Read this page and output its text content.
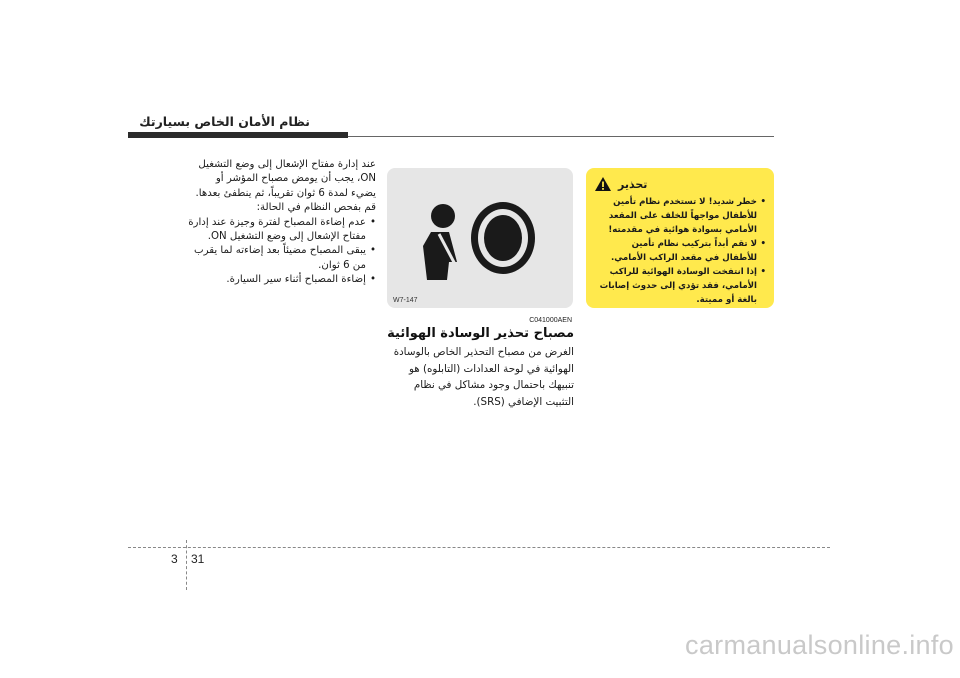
نظام الأمان الخاص بسيارتك
تحذير
• خطر شديد! لا تستخدم نظام تأمين للأطفال مواجهاً للخلف على المقعد الأمامي بسوادة هوائية في مقدمته!
• لا تقم أبداً بتركيب نظام تأمين للأطفال في مقعد الراكب الأمامي.
• إذا انتفخت الوسادة الهوائية للراكب الأمامي، فقد تؤدي إلى حدوث إصابات بالغة أو مميتة.
W7-147
C041000AEN
مصباح تحذير الوسادة الهوائية
الغرض من مصباح التحذير الخاص بالوسادة الهوائية في لوحة العدادات (التابلوه) هو تنبيهك باحتمال وجود مشاكل في نظام التثبيت الإضافي (SRS).

عند إدارة مفتاح الإشعال إلى وضع التشغيل ON، يجب أن يومض مصباح المؤشر أو يضيء لمدة 6 ثوان تقريباً، ثم ينطفئ بعدها. قم بفحص النظام في الحالة:

• عدم إضاءة المصباح لفترة وجيزة عند إدارة مفتاح الإشعال إلى وضع التشغيل ON.
• يبقى المصباح مضيئاً بعد إضاءته لما يقرب من 6 ثوان.
• إضاءة المصباح أثناء سير السيارة.
3 31
carmanualsonline.info
